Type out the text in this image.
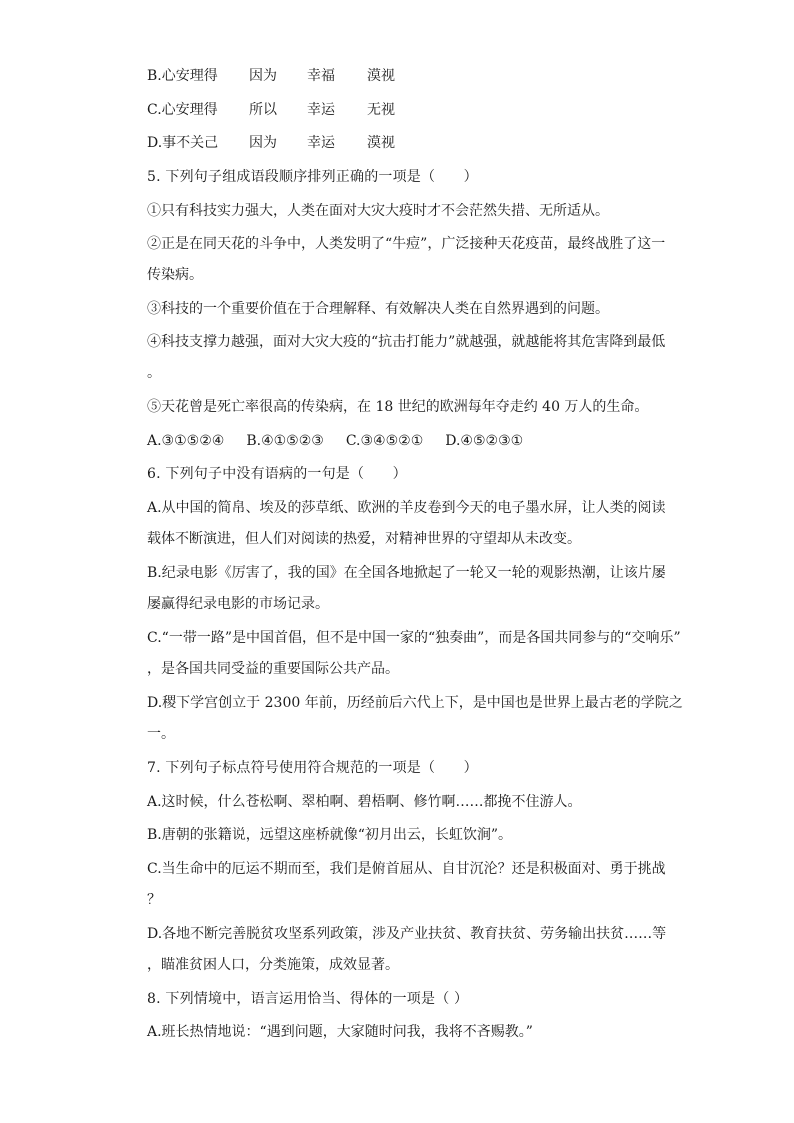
B.心安理得 因为 幸福 漠视
C.心安理得 所以 幸运 无视
D.事不关己 因为 幸运 漠视
5. 下列句子组成语段顺序排列正确的一项是（　　）
①只有科技实力强大，人类在面对大灾大疫时才不会茫然失措、无所适从。
②正是在同天花的斗争中，人类发明了“牛痘”，广泛接种天花疫苗，最终战胜了这一
传染病。
③科技的一个重要价值在于合理解释、有效解决人类在自然界遇到的问题。
④科技支撑力越强，面对大灾大疫的“抗击打能力”就越强，就越能将其危害降到最低
。
⑤天花曾是死亡率很高的传染病，在 18 世纪的欧洲每年夺走约 40 万人的生命。
A.③①⑤②④ B.④①⑤②③ C.③④⑤②① D.④⑤②③①
6. 下列句子中没有语病的一句是（　　）
A.从中国的简帛、埃及的莎草纸、欧洲的羊皮卷到今天的电子墨水屏，让人类的阅读
载体不断演进，但人们对阅读的热爱，对精神世界的守望却从未改变。
B.纪录电影《厉害了，我的国》在全国各地掀起了一轮又一轮的观影热潮，让该片屡
屡赢得纪录电影的市场记录。
C.“一带一路”是中国首倡，但不是中国一家的“独奏曲”，而是各国共同参与的“交响乐”
，是各国共同受益的重要国际公共产品。
D.稷下学宫创立于 2300 年前，历经前后六代上下，是中国也是世界上最古老的学院之
一。
7. 下列句子标点符号使用符合规范的一项是（　　）
A.这时候，什么苍松啊、翠柏啊、碧梧啊、修竹啊……都挽不住游人。
B.唐朝的张籍说，远望这座桥就像“初月出云，长虹饮涧”。
C.当生命中的厄运不期而至，我们是俯首屈从、自甘沉沦？还是积极面对、勇于挑战
？
D.各地不断完善脱贫攻坚系列政策，涉及产业扶贫、教育扶贫、劳务输出扶贫……等
，瞄准贫困人口，分类施策，成效显著。
8. 下列情境中，语言运用恰当、得体的一项是（ ）
A.班长热情地说：“遇到问题，大家随时问我，我将不吝赐教。”
